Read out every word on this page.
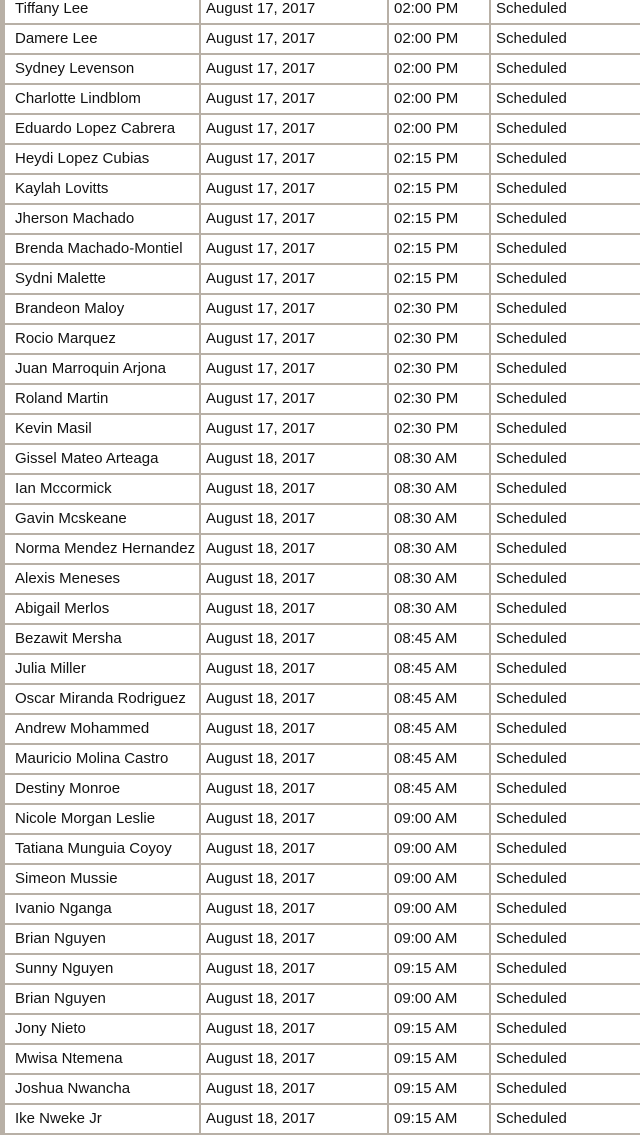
Tiffany Lee	August 17, 2017	02:00 PM	Scheduled
Damere Lee	August 17, 2017	02:00 PM	Scheduled
Sydney Levenson	August 17, 2017	02:00 PM	Scheduled
Charlotte Lindblom	August 17, 2017	02:00 PM	Scheduled
Eduardo Lopez Cabrera	August 17, 2017	02:00 PM	Scheduled
Heydi Lopez Cubias	August 17, 2017	02:15 PM	Scheduled
Kaylah Lovitts	August 17, 2017	02:15 PM	Scheduled
Jherson Machado	August 17, 2017	02:15 PM	Scheduled
Brenda Machado-Montiel	August 17, 2017	02:15 PM	Scheduled
Sydni Malette	August 17, 2017	02:15 PM	Scheduled
Brandeon Maloy	August 17, 2017	02:30 PM	Scheduled
Rocio Marquez	August 17, 2017	02:30 PM	Scheduled
Juan Marroquin Arjona	August 17, 2017	02:30 PM	Scheduled
Roland Martin	August 17, 2017	02:30 PM	Scheduled
Kevin Masil	August 17, 2017	02:30 PM	Scheduled
Gissel Mateo Arteaga	August 18, 2017	08:30 AM	Scheduled
Ian Mccormick	August 18, 2017	08:30 AM	Scheduled
Gavin Mcskeane	August 18, 2017	08:30 AM	Scheduled
Norma Mendez Hernandez August 18, 2017	08:30 AM	Scheduled
Alexis Meneses	August 18, 2017	08:30 AM	Scheduled
Abigail Merlos	August 18, 2017	08:30 AM	Scheduled
Bezawit Mersha	August 18, 2017	08:45 AM	Scheduled
Julia Miller	August 18, 2017	08:45 AM	Scheduled
Oscar Miranda Rodriguez	August 18, 2017	08:45 AM	Scheduled
Andrew Mohammed	August 18, 2017	08:45 AM	Scheduled
Mauricio Molina Castro	August 18, 2017	08:45 AM	Scheduled
Destiny Monroe	August 18, 2017	08:45 AM	Scheduled
Nicole Morgan Leslie	August 18, 2017	09:00 AM	Scheduled
Tatiana Munguia Coyoy	August 18, 2017	09:00 AM	Scheduled
Simeon Mussie	August 18, 2017	09:00 AM	Scheduled
Ivanio Nganga	August 18, 2017	09:00 AM	Scheduled
Brian Nguyen	August 18, 2017	09:00 AM	Scheduled
Sunny Nguyen	August 18, 2017	09:15 AM	Scheduled
Brian Nguyen	August 18, 2017	09:00 AM	Scheduled
Jony Nieto	August 18, 2017	09:15 AM	Scheduled
Mwisa Ntemena	August 18, 2017	09:15 AM	Scheduled
Joshua Nwancha	August 18, 2017	09:15 AM	Scheduled
Ike Nweke Jr	August 18, 2017	09:15 AM	Scheduled
